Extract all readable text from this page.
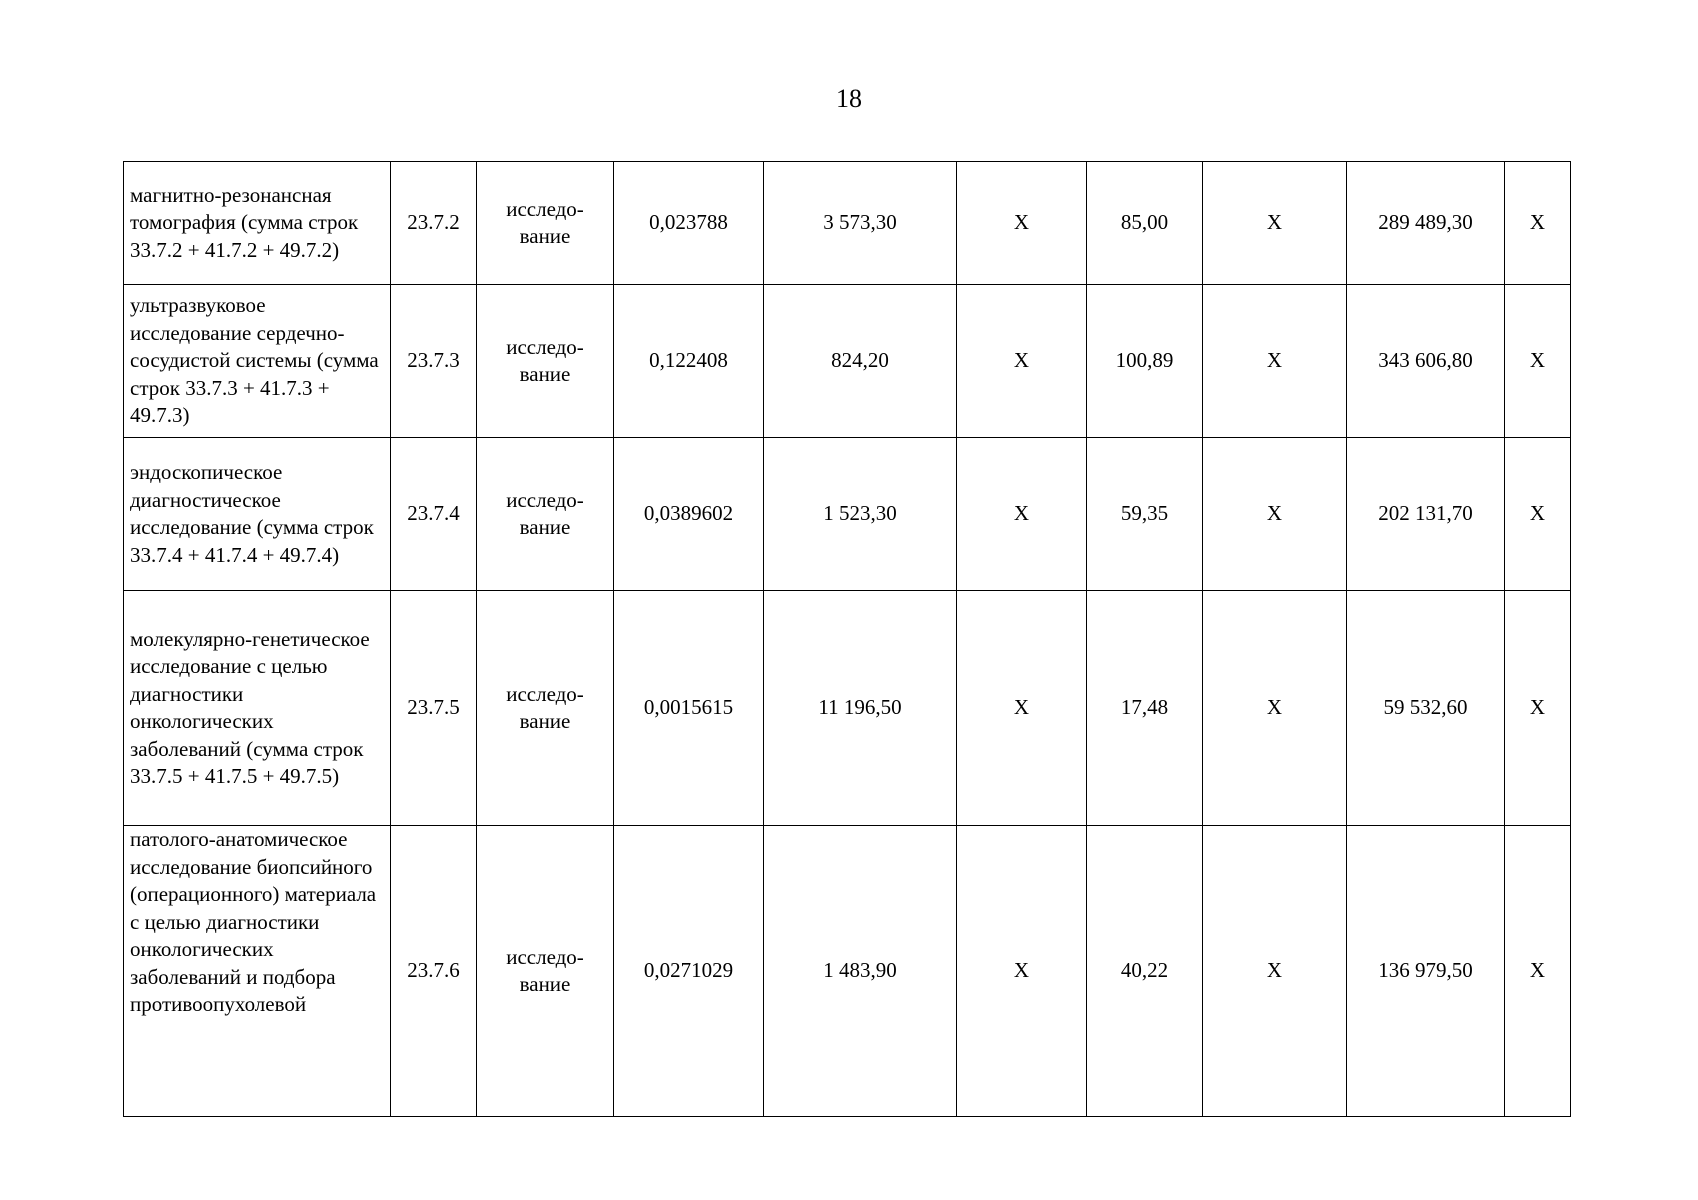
18
магнитно-резонансная томография (сумма строк 33.7.2 + 41.7.2 + 49.7.2)	23.7.2	исследо-
вание	0,023788	3 573,30	Х	85,00	Х	289 489,30	Х
ультразвуковое исследование сердечно-сосудистой системы (сумма строк 33.7.3 + 41.7.3 + 49.7.3)	23.7.3	исследо-
вание	0,122408	824,20	Х	100,89	Х	343 606,80	Х
эндоскопическое диагностическое исследование (сумма строк 33.7.4 + 41.7.4 + 49.7.4)	23.7.4	исследо-
вание	0,0389602	1 523,30	Х	59,35	Х	202 131,70	Х
молекулярно-генетическое исследование с целью диагностики онкологических заболеваний (сумма строк 33.7.5 + 41.7.5 + 49.7.5)	23.7.5	исследо-
вание	0,0015615	11 196,50	Х	17,48	Х	59 532,60	Х
патолого-анатомическое исследование биопсийного (операционного) материала с целью диагностики онкологических заболеваний и подбора противоопухолевой	23.7.6	исследо-
вание	0,0271029	1 483,90	Х	40,22	Х	136 979,50	Х
